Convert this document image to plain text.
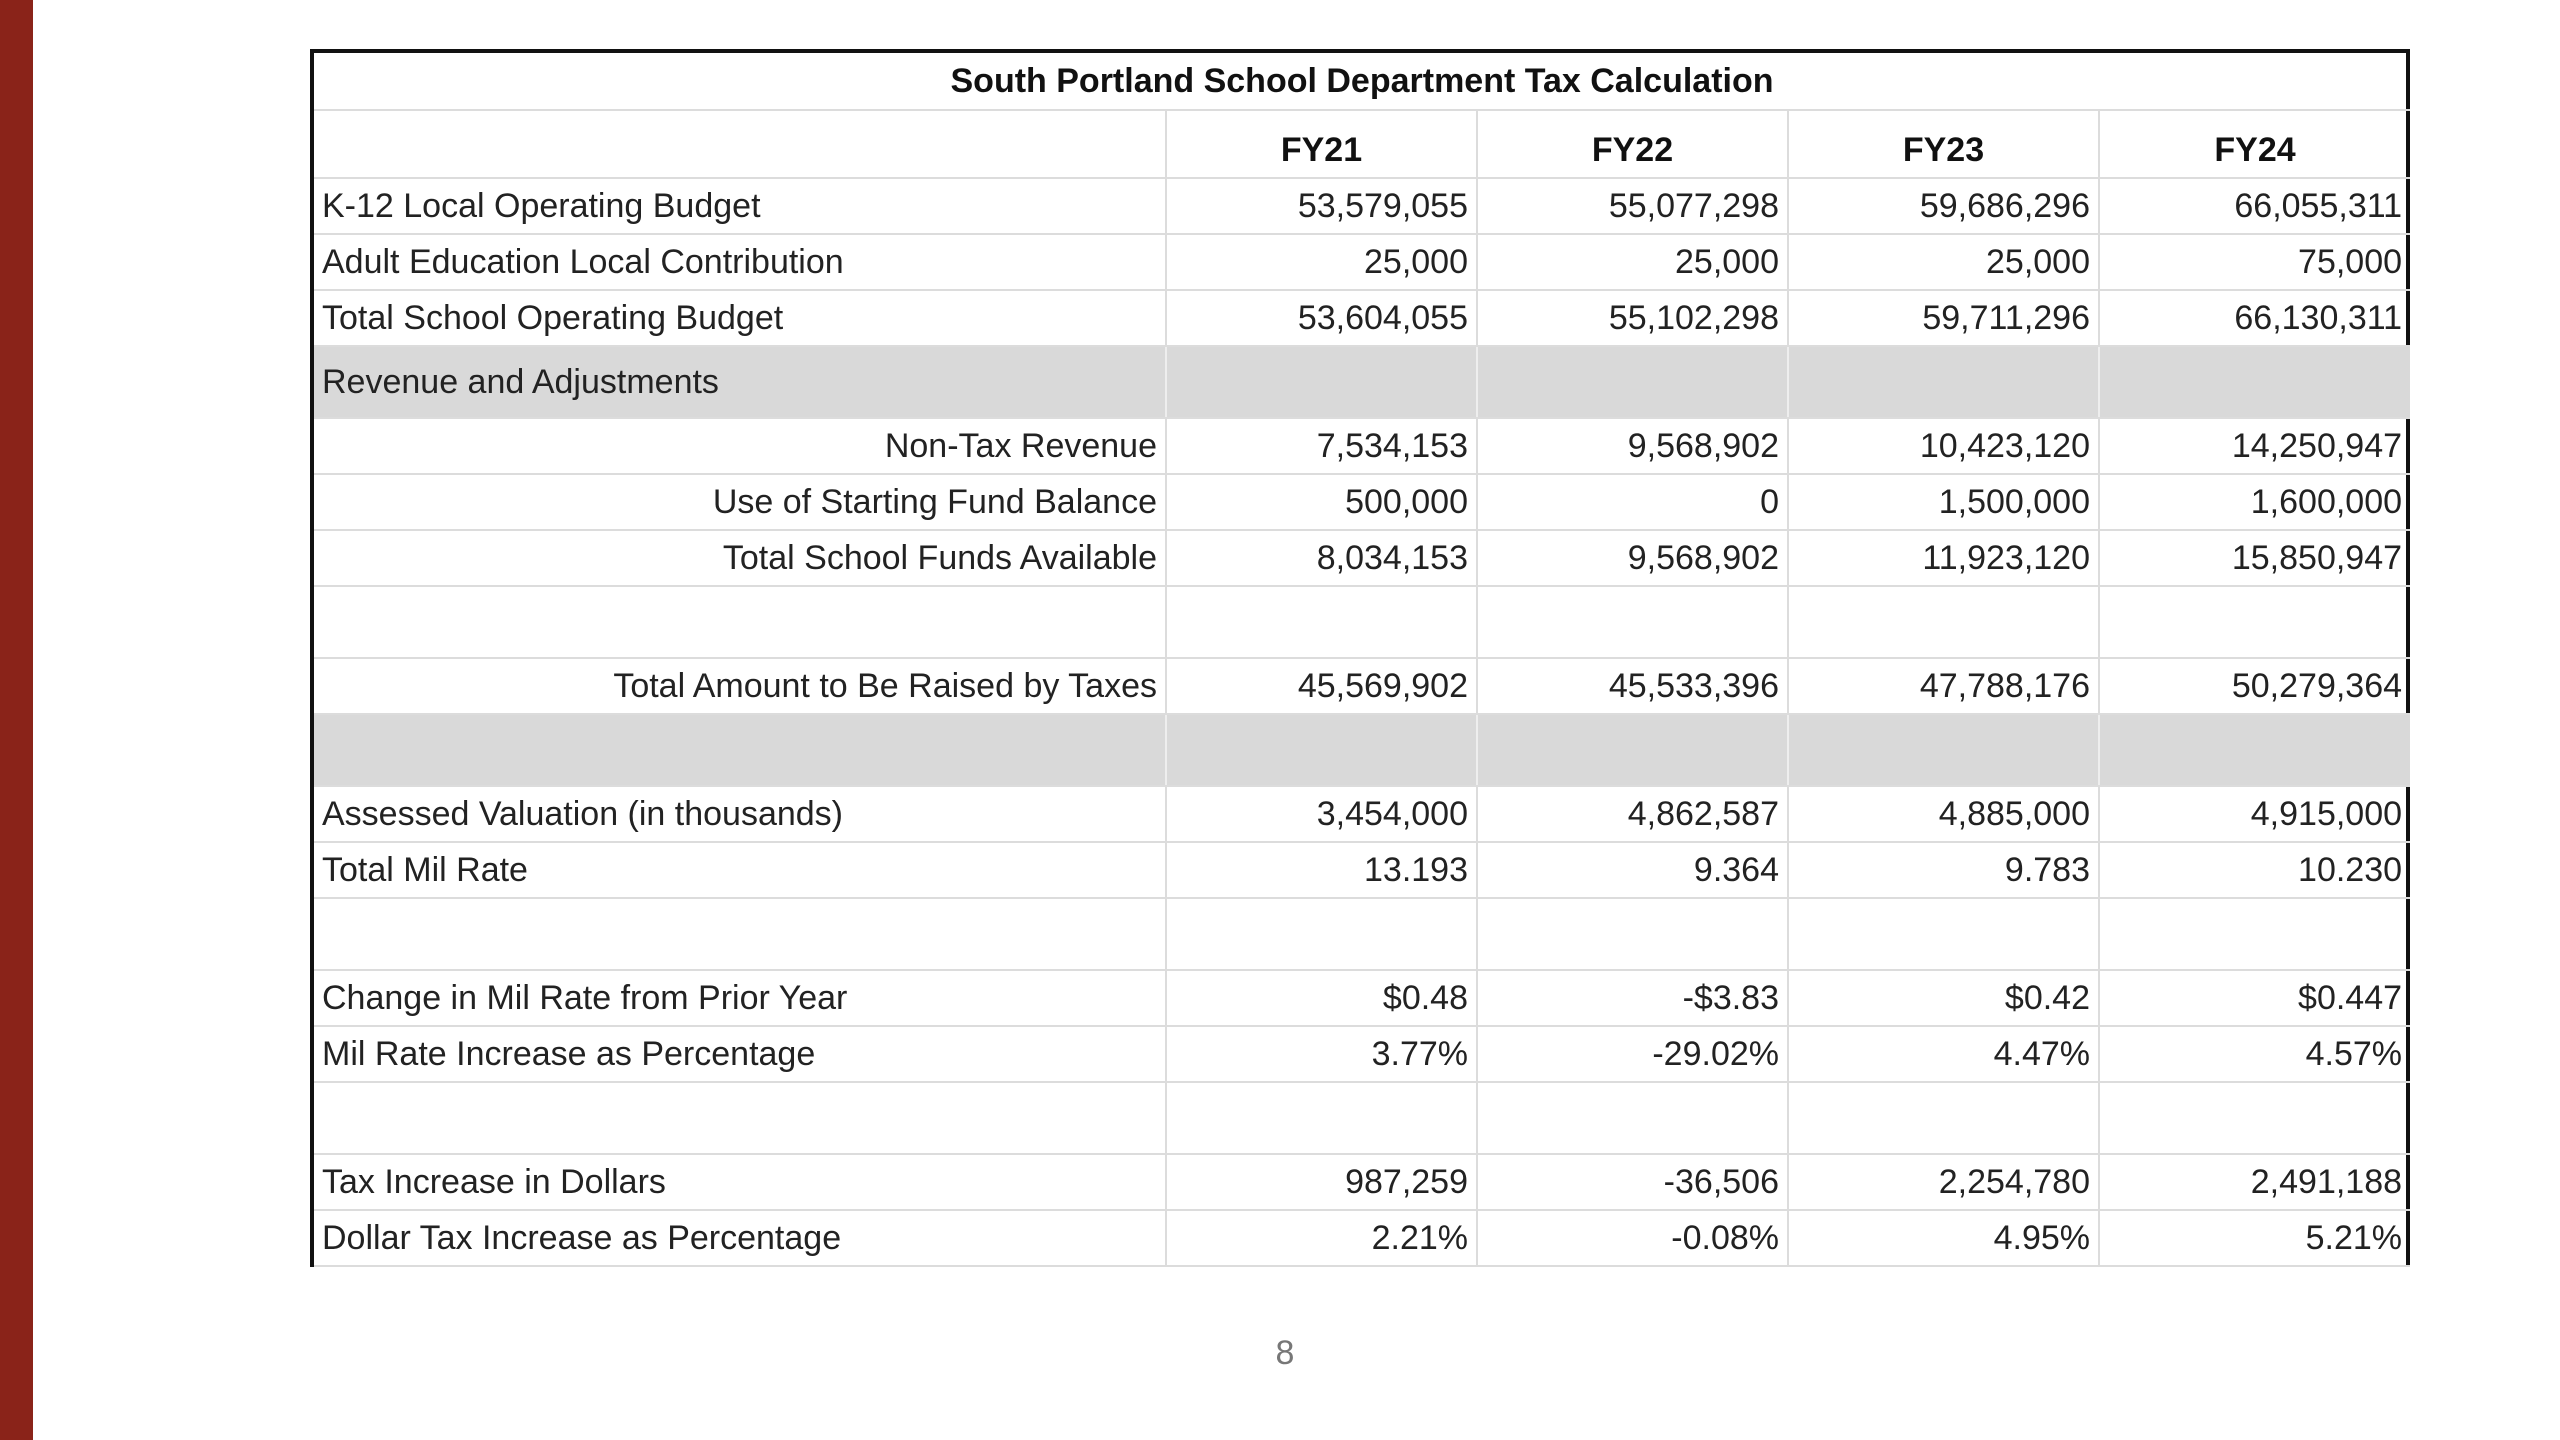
South Portland School Department Tax Calculation				
	FY21	FY22	FY23	FY24
K-12 Local Operating Budget	53,579,055	55,077,298	59,686,296	66,055,311
Adult Education Local Contribution	25,000	25,000	25,000	75,000
Total School Operating Budget	53,604,055	55,102,298	59,711,296	66,130,311
Revenue and Adjustments				
Non-Tax Revenue	7,534,153	9,568,902	10,423,120	14,250,947
Use of Starting Fund Balance	500,000	0	1,500,000	1,600,000
Total School Funds Available	8,034,153	9,568,902	11,923,120	15,850,947

Total Amount to Be Raised by Taxes	45,569,902	45,533,396	47,788,176	50,279,364

Assessed Valuation (in thousands)	3,454,000	4,862,587	4,885,000	4,915,000
Total Mil Rate	13.193	9.364	9.783	10.230

Change in Mil Rate from Prior Year	$0.48	-$3.83	$0.42	$0.447
Mil Rate Increase as Percentage	3.77%	-29.02%	4.47%	4.57%

Tax Increase in Dollars	987,259	-36,506	2,254,780	2,491,188
Dollar Tax Increase as Percentage	2.21%	-0.08%	4.95%	5.21%
8
